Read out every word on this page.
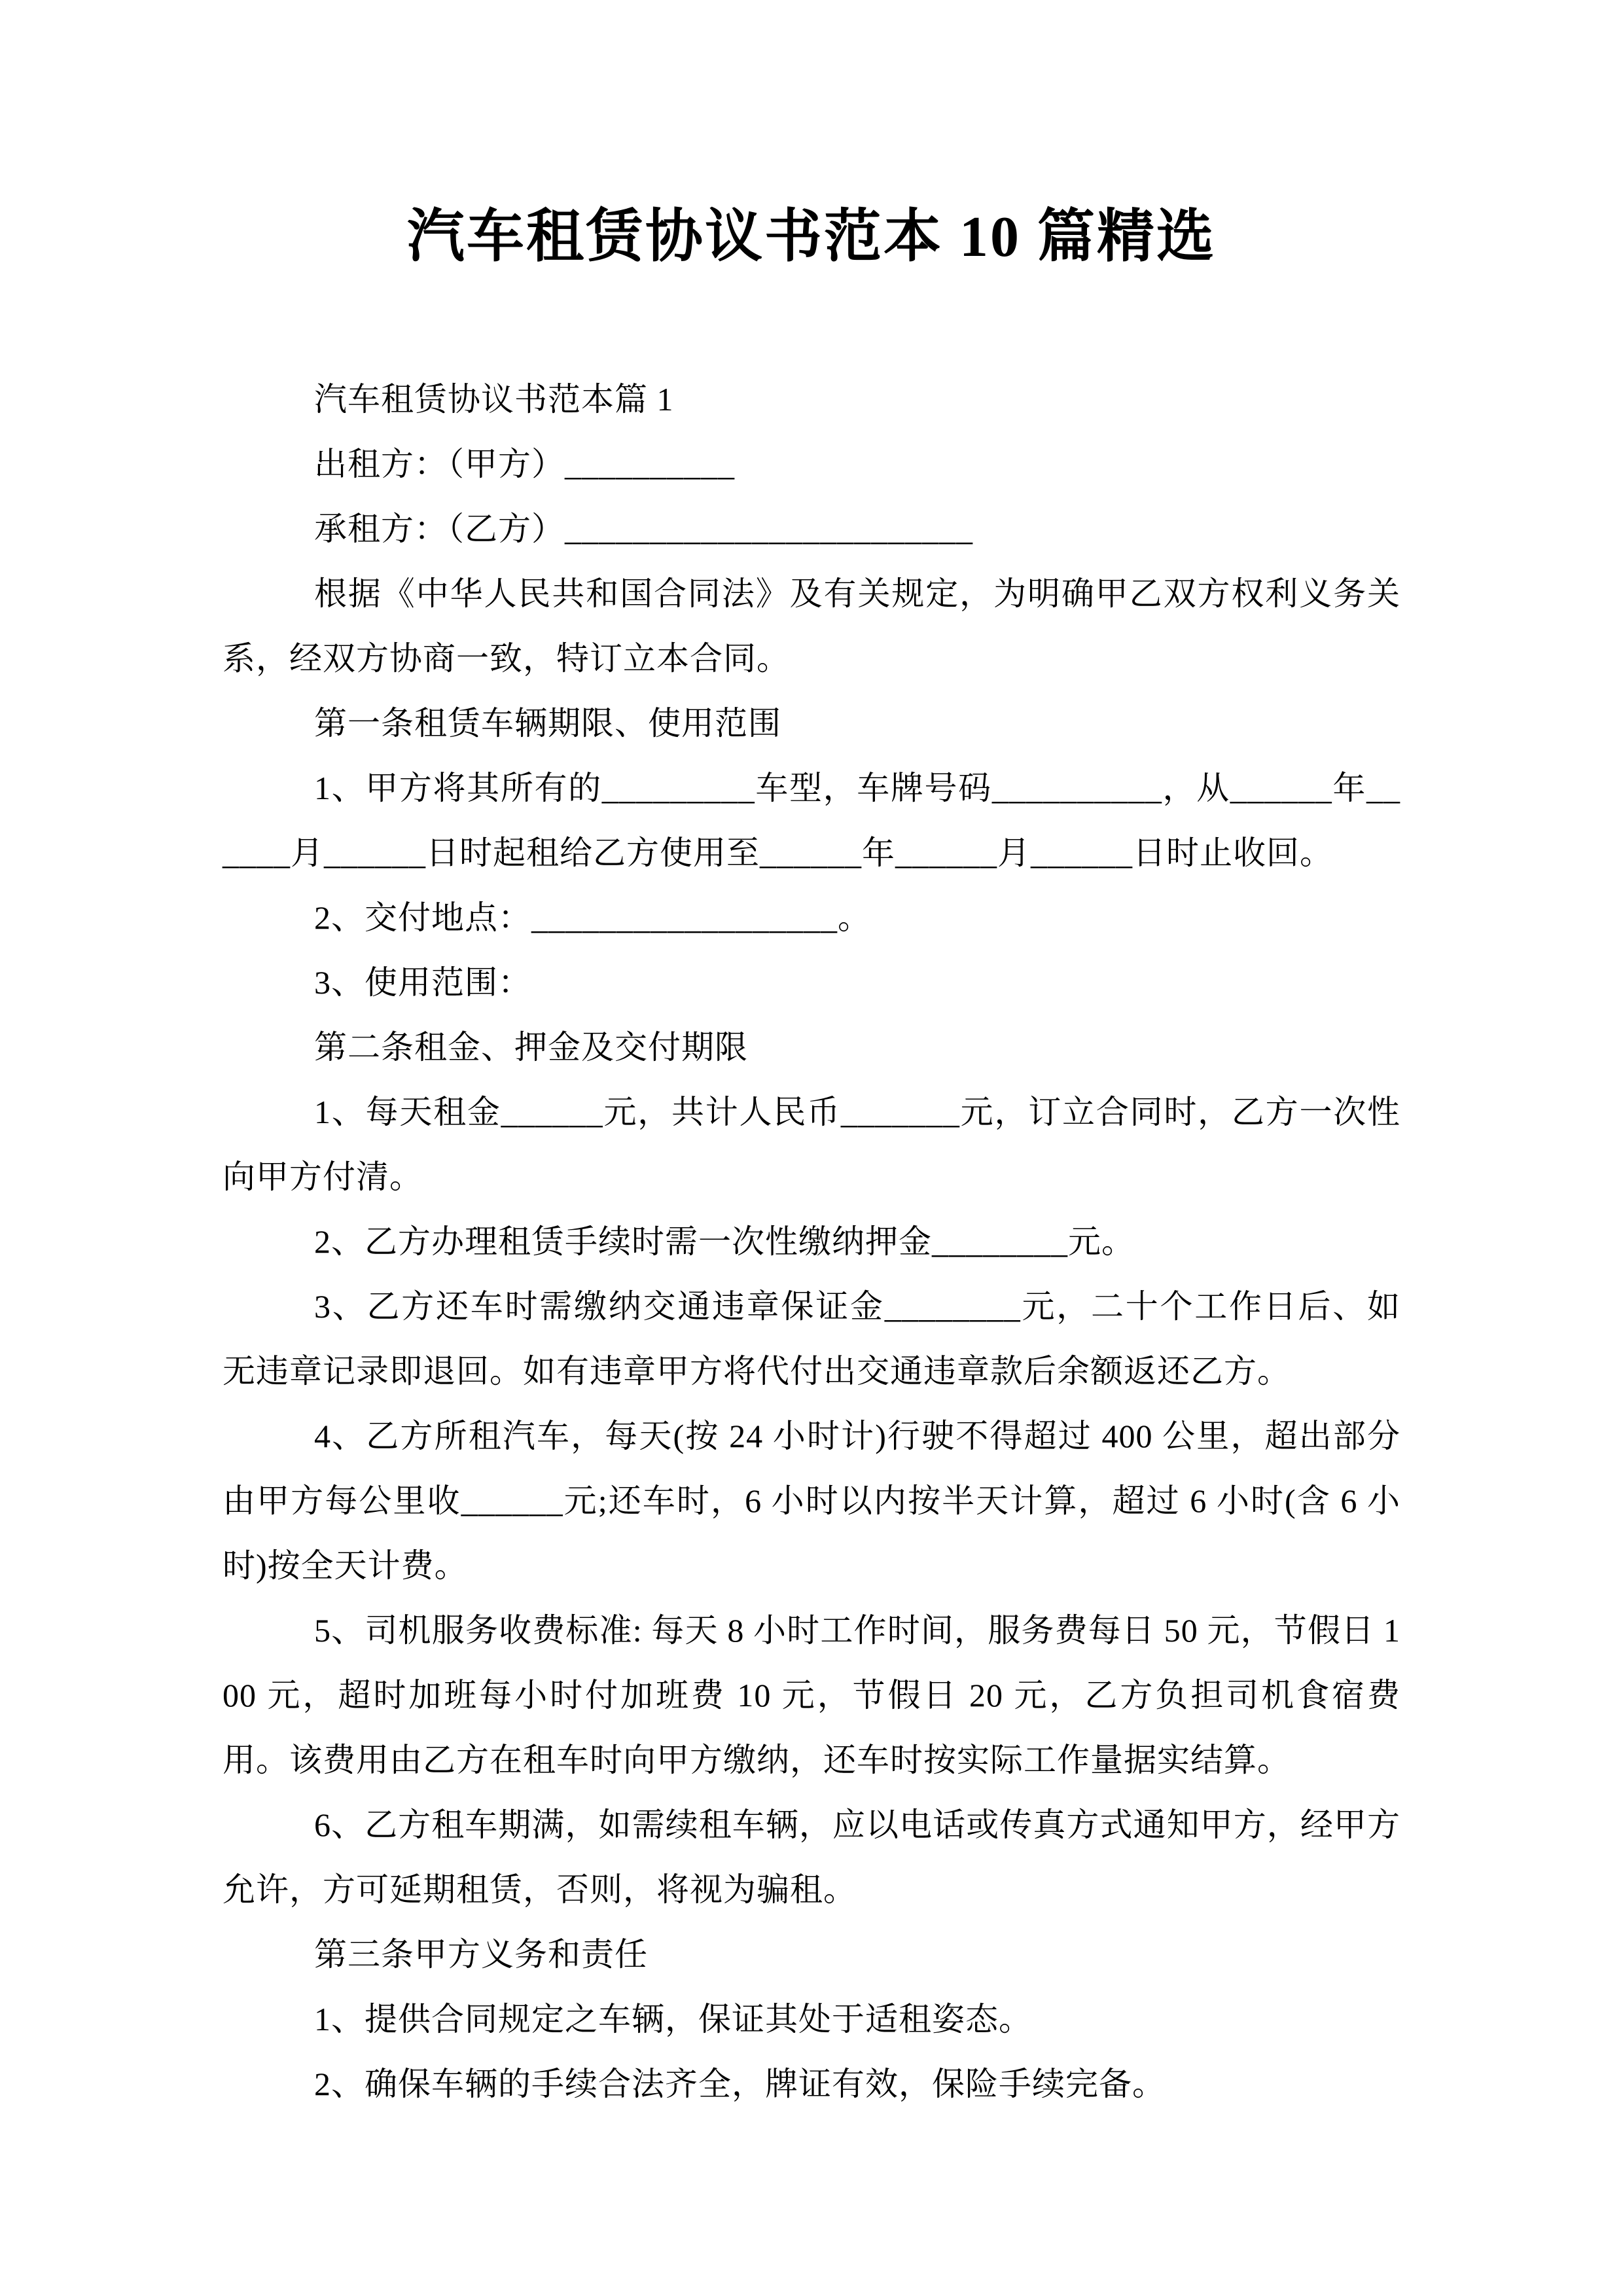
汽车租赁协议书范本 10 篇精选

汽车租赁协议书范本篇 1

出租方：（甲方）__________

承租方：（乙方）________________________

根据《中华人民共和国合同法》及有关规定，为明确甲乙双方权利义务关系，经双方协商一致，特订立本合同。

第一条租赁车辆期限、使用范围

1、甲方将其所有的_________车型，车牌号码__________，从______年______月______日时起租给乙方使用至______年______月______日时止收回。

2、交付地点：__________________。

3、使用范围：

第二条租金、押金及交付期限

1、每天租金______元，共计人民币_______元，订立合同时，乙方一次性向甲方付清。

2、乙方办理租赁手续时需一次性缴纳押金________元。

3、乙方还车时需缴纳交通违章保证金________元，二十个工作日后、如无违章记录即退回。如有违章甲方将代付出交通违章款后余额返还乙方。

4、乙方所租汽车，每天(按 24 小时计)行驶不得超过 400 公里，超出部分由甲方每公里收______元;还车时，6 小时以内按半天计算，超过 6 小时(含 6 小时)按全天计费。

5、司机服务收费标准: 每天 8 小时工作时间，服务费每日 50 元，节假日 100 元，超时加班每小时付加班费 10 元，节假日 20 元，乙方负担司机食宿费用。该费用由乙方在租车时向甲方缴纳，还车时按实际工作量据实结算。

6、乙方租车期满，如需续租车辆，应以电话或传真方式通知甲方，经甲方允许，方可延期租赁，否则，将视为骗租。

第三条甲方义务和责任

1、提供合同规定之车辆，保证其处于适租姿态。

2、确保车辆的手续合法齐全，牌证有效，保险手续完备。
